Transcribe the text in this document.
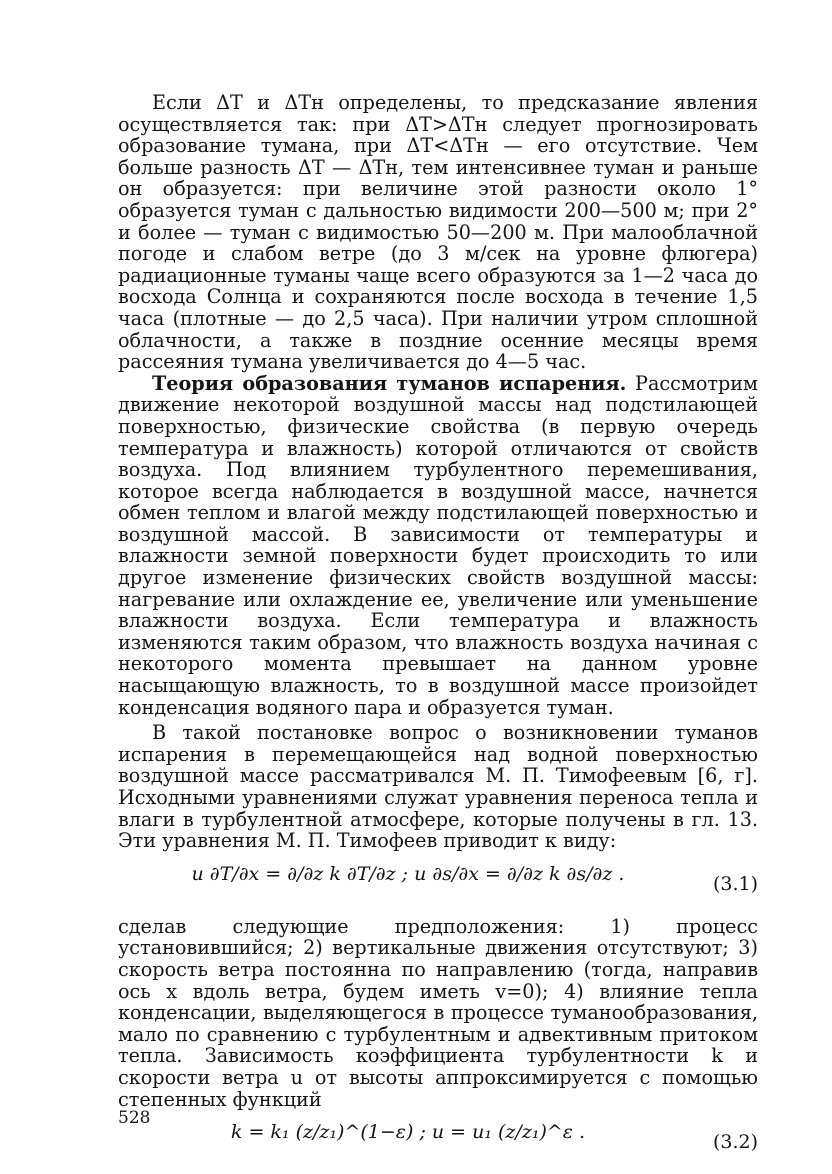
Если ΔT и ΔTн определены, то предсказание явления осуществляется так: при ΔT>ΔTн следует прогнозировать образование тумана, при ΔT<ΔTн — его отсутствие. Чем больше разность ΔT — ΔTн, тем интенсивнее туман и раньше он образуется: при величине этой разности около 1° образуется туман с дальностью видимости 200—500 м; при 2° и более — туман с видимостью 50—200 м. При малооблачной погоде и слабом ветре (до 3 м/сек на уровне флюгера) радиационные туманы чаще всего образуются за 1—2 часа до восхода Солнца и сохраняются после восхода в течение 1,5 часа (плотные — до 2,5 часа). При наличии утром сплошной облачности, а также в поздние осенние месяцы время рассеяния тумана увеличивается до 4—5 час.

Теория образования туманов испарения. Рассмотрим движение некоторой воздушной массы над подстилающей поверхностью, физические свойства (в первую очередь температура и влажность) которой отличаются от свойств воздуха. Под влиянием турбулентного перемешивания, которое всегда наблюдается в воздушной массе, начнется обмен теплом и влагой между подстилающей поверхностью и воздушной массой. В зависимости от температуры и влажности земной поверхности будет происходить то или другое изменение физических свойств воздушной массы: нагревание или охлаждение ее, увеличение или уменьшение влажности воздуха. Если температура и влажность изменяются таким образом, что влажность воздуха начиная с некоторого момента превышает на данном уровне насыщающую влажность, то в воздушной массе произойдет конденсация водяного пара и образуется туман.

В такой постановке вопрос о возникновении туманов испарения в перемещающейся над водной поверхностью воздушной массе рассматривался М. П. Тимофеевым [6, г]. Исходными уравнениями служат уравнения переноса тепла и влаги в турбулентной атмосфере, которые получены в гл. 13. Эти уравнения М. П. Тимофеев приводит к виду:

u ∂T/∂x = ∂/∂z k ∂T/∂z ; u ∂s/∂x = ∂/∂z k ∂s/∂z .	(3.1)

сделав следующие предположения: 1) процесс установившийся; 2) вертикальные движения отсутствуют; 3) скорость ветра постоянна по направлению (тогда, направив ось x вдоль ветра, будем иметь v=0); 4) влияние тепла конденсации, выделяющегося в процессе туманообразования, мало по сравнению с турбулентным и адвективным притоком тепла. Зависимость коэффициента турбулентности k и скорости ветра u от высоты аппроксимируется с помощью степенных функций

k = k₁ (z/z₁)^(1−ε) ; u = u₁ (z/z₁)^ε .	(3.2)
528
